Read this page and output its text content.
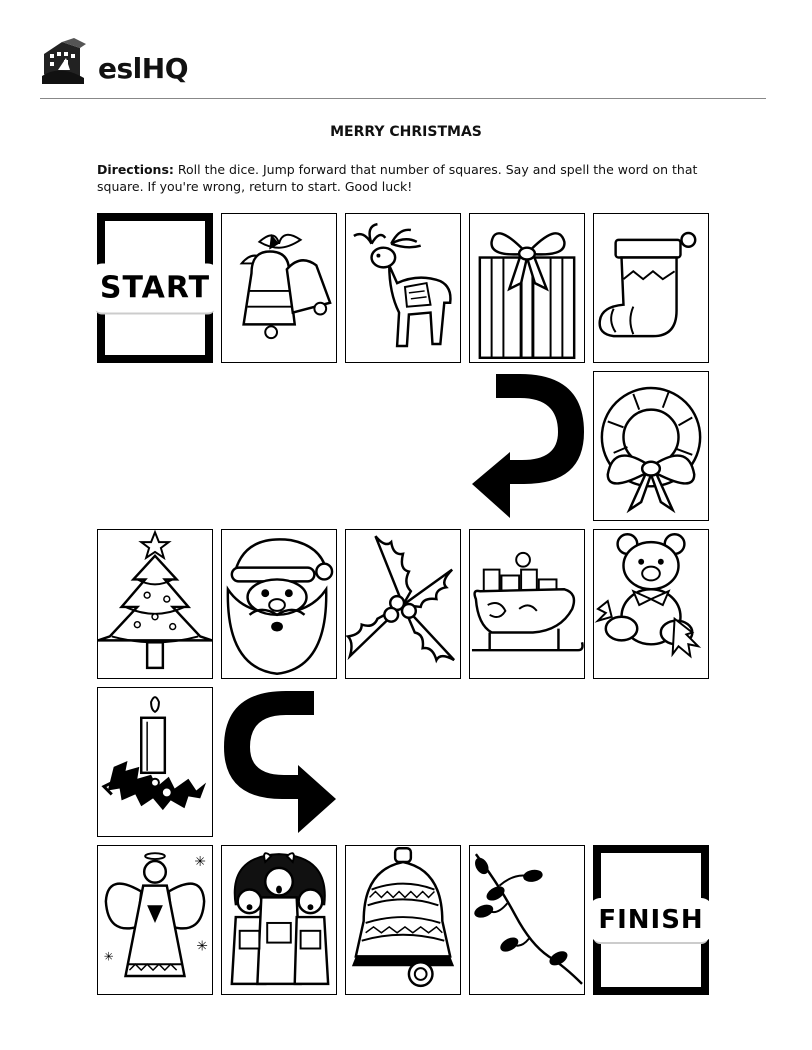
eslHQ
MERRY CHRISTMAS
Directions: Roll the dice. Jump forward that number of squares. Say and spell the word on that square. If you're wrong, return to start. Good luck!
START
✳
✳
✳
FINISH
